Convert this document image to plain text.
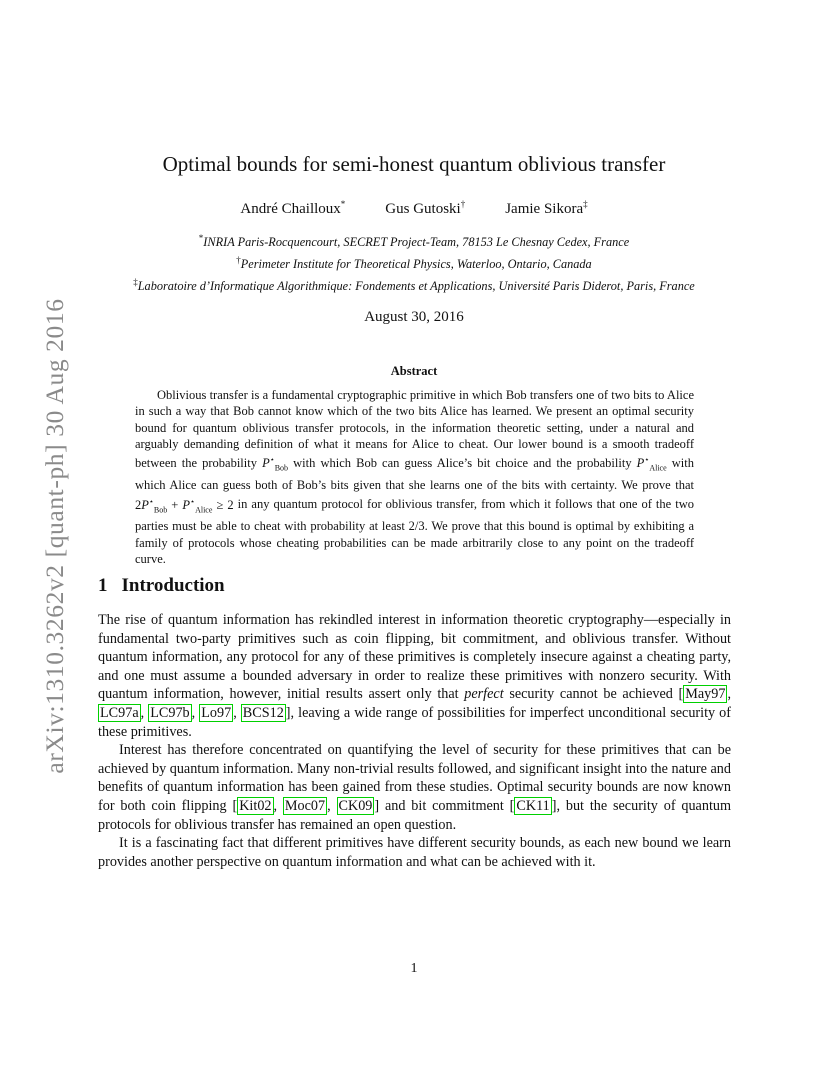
arXiv:1310.3262v2 [quant-ph] 30 Aug 2016
Optimal bounds for semi-honest quantum oblivious transfer
André Chailloux*	Gus Gutoski†	Jamie Sikora‡
*INRIA Paris-Rocquencourt, SECRET Project-Team, 78153 Le Chesnay Cedex, France
†Perimeter Institute for Theoretical Physics, Waterloo, Ontario, Canada
‡Laboratoire d’Informatique Algorithmique: Fondements et Applications, Université Paris Diderot, Paris, France
August 30, 2016
Abstract
Oblivious transfer is a fundamental cryptographic primitive in which Bob transfers one of two bits to Alice in such a way that Bob cannot know which of the two bits Alice has learned. We present an optimal security bound for quantum oblivious transfer protocols, in the information theoretic setting, under a natural and arguably demanding definition of what it means for Alice to cheat. Our lower bound is a smooth tradeoff between the probability $P^⋆_{Bob}$ with which Bob can guess Alice’s bit choice and the probability $P^⋆_{Alice}$ with which Alice can guess both of Bob’s bits given that she learns one of the bits with certainty. We prove that $2P^⋆_{Bob} + P^⋆_{Alice} \ge 2$ in any quantum protocol for oblivious transfer, from which it follows that one of the two parties must be able to cheat with probability at least 2/3. We prove that this bound is optimal by exhibiting a family of protocols whose cheating probabilities can be made arbitrarily close to any point on the tradeoff curve.
1 Introduction

The rise of quantum information has rekindled interest in information theoretic cryptography—especially in fundamental two-party primitives such as coin flipping, bit commitment, and oblivious transfer. Without quantum information, any protocol for any of these primitives is completely insecure against a cheating party, and one must assume a bounded adversary in order to realize these primitives with nonzero security. With quantum information, however, initial results assert only that perfect security cannot be achieved [ May97 , LC97a , LC97b , Lo97 , BCS12 ], leaving a wide range of possibilities for imperfect unconditional security of these primitives.

Interest has therefore concentrated on quantifying the level of security for these primitives that can be achieved by quantum information. Many non-trivial results followed, and significant insight into the nature and benefits of quantum information has been gained from these studies. Optimal security bounds are now known for both coin flipping [ Kit02 , Moc07 , CK09 ] and bit commitment [ CK11 ], but the security of quantum protocols for oblivious transfer has remained an open question.

It is a fascinating fact that different primitives have different security bounds, as each new bound we learn provides another perspective on quantum information and what can be achieved with it.

1
